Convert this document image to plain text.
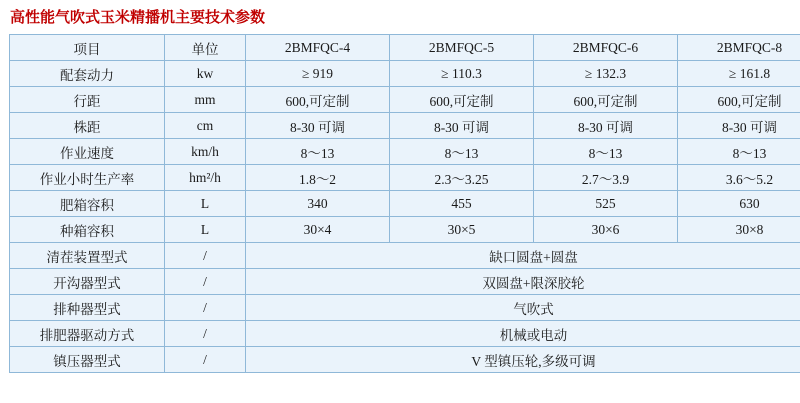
高性能气吹式玉米精播机主要技术参数
项目	单位	2BMFQC-4	2BMFQC-5	2BMFQC-6	2BMFQC-8
配套动力	kw	≥ 919	≥ 110.3	≥ 132.3	≥ 161.8
行距	mm	600,可定制	600,可定制	600,可定制	600,可定制
株距	cm	8-30 可调	8-30 可调	8-30 可调	8-30 可调
作业速度	km/h	8～13	8～13	8～13	8～13
作业小时生产率	hm²/h	1.8～2	2.3～3.25	2.7～3.9	3.6～5.2
肥箱容积	L	340	455	525	630
种箱容积	L	30×4	30×5	30×6	30×8
清茬装置型式	/	缺口圆盘+圆盘			
开沟器型式	/	双圆盘+限深胶轮			
排种器型式	/	气吹式			
排肥器驱动方式	/	机械或电动			
镇压器型式	/	V 型镇压轮,多级可调			
